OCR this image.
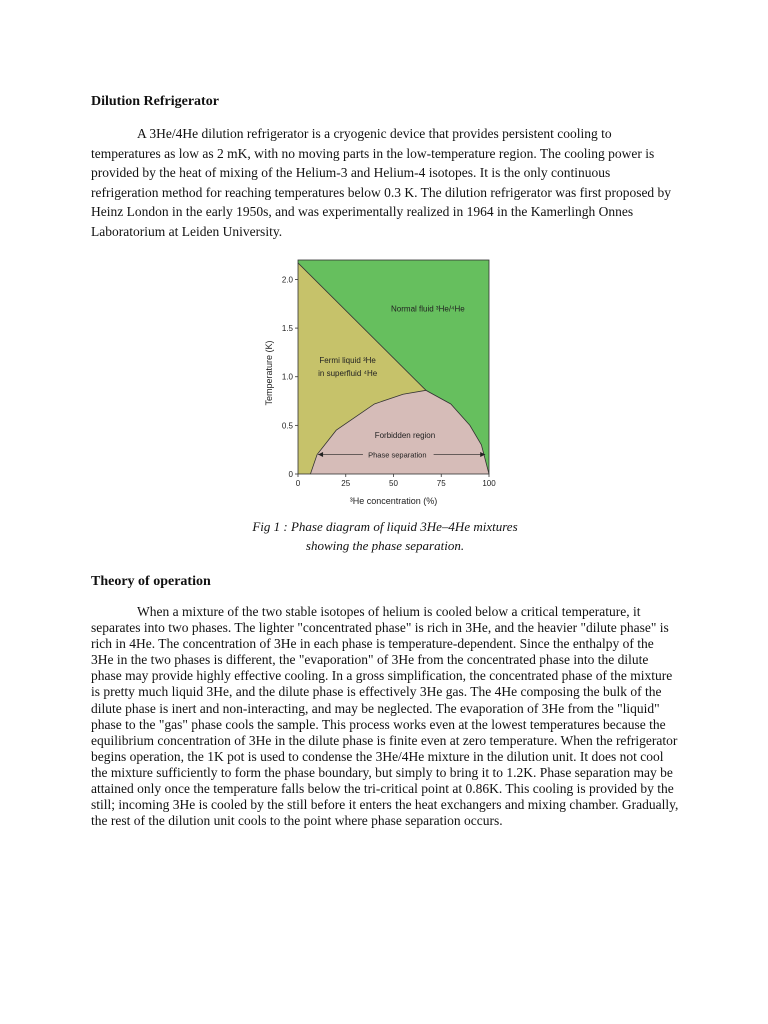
Dilution Refrigerator

A 3He/4He dilution refrigerator is a cryogenic device that provides persistent cooling to temperatures as low as 2 mK, with no moving parts in the low-temperature region. The cooling power is provided by the heat of mixing of the Helium-3 and Helium-4 isotopes. It is the only continuous refrigeration method for reaching temperatures below 0.3 K. The dilution refrigerator was first proposed by Heinz London in the early 1950s, and was experimentally realized in 1964 in the Kamerlingh Onnes Laboratorium at Leiden University.

0
0.5
1.0
1.5
2.0
0	25	50	75	100
³He concentration (%)
Temperature (K)
Normal fluid ³He/⁴He
Fermi liquid ³He
in superfluid ⁴He
Forbidden region
Phase separation

Fig 1 : Phase diagram of liquid 3He–4He mixtures
showing the phase separation.

Theory of operation

When a mixture of the two stable isotopes of helium is cooled below a critical temperature, it separates into two phases. The lighter "concentrated phase" is rich in 3He, and the heavier "dilute phase" is rich in 4He. The concentration of 3He in each phase is temperature-dependent. Since the enthalpy of the 3He in the two phases is different, the "evaporation" of 3He from the concentrated phase into the dilute phase may provide highly effective cooling. In a gross simplification, the concentrated phase of the mixture is pretty much liquid 3He, and the dilute phase is effectively 3He gas. The 4He composing the bulk of the dilute phase is inert and non-interacting, and may be neglected. The evaporation of 3He from the "liquid" phase to the "gas" phase cools the sample. This process works even at the lowest temperatures because the equilibrium concentration of 3He in the dilute phase is finite even at zero temperature. When the refrigerator begins operation, the 1K pot is used to condense the 3He/4He mixture in the dilution unit. It does not cool the mixture sufficiently to form the phase boundary, but simply to bring it to 1.2K. Phase separation may be attained only once the temperature falls below the tri-critical point at 0.86K. This cooling is provided by the still; incoming 3He is cooled by the still before it enters the heat exchangers and mixing chamber. Gradually, the rest of the dilution unit cools to the point where phase separation occurs.
